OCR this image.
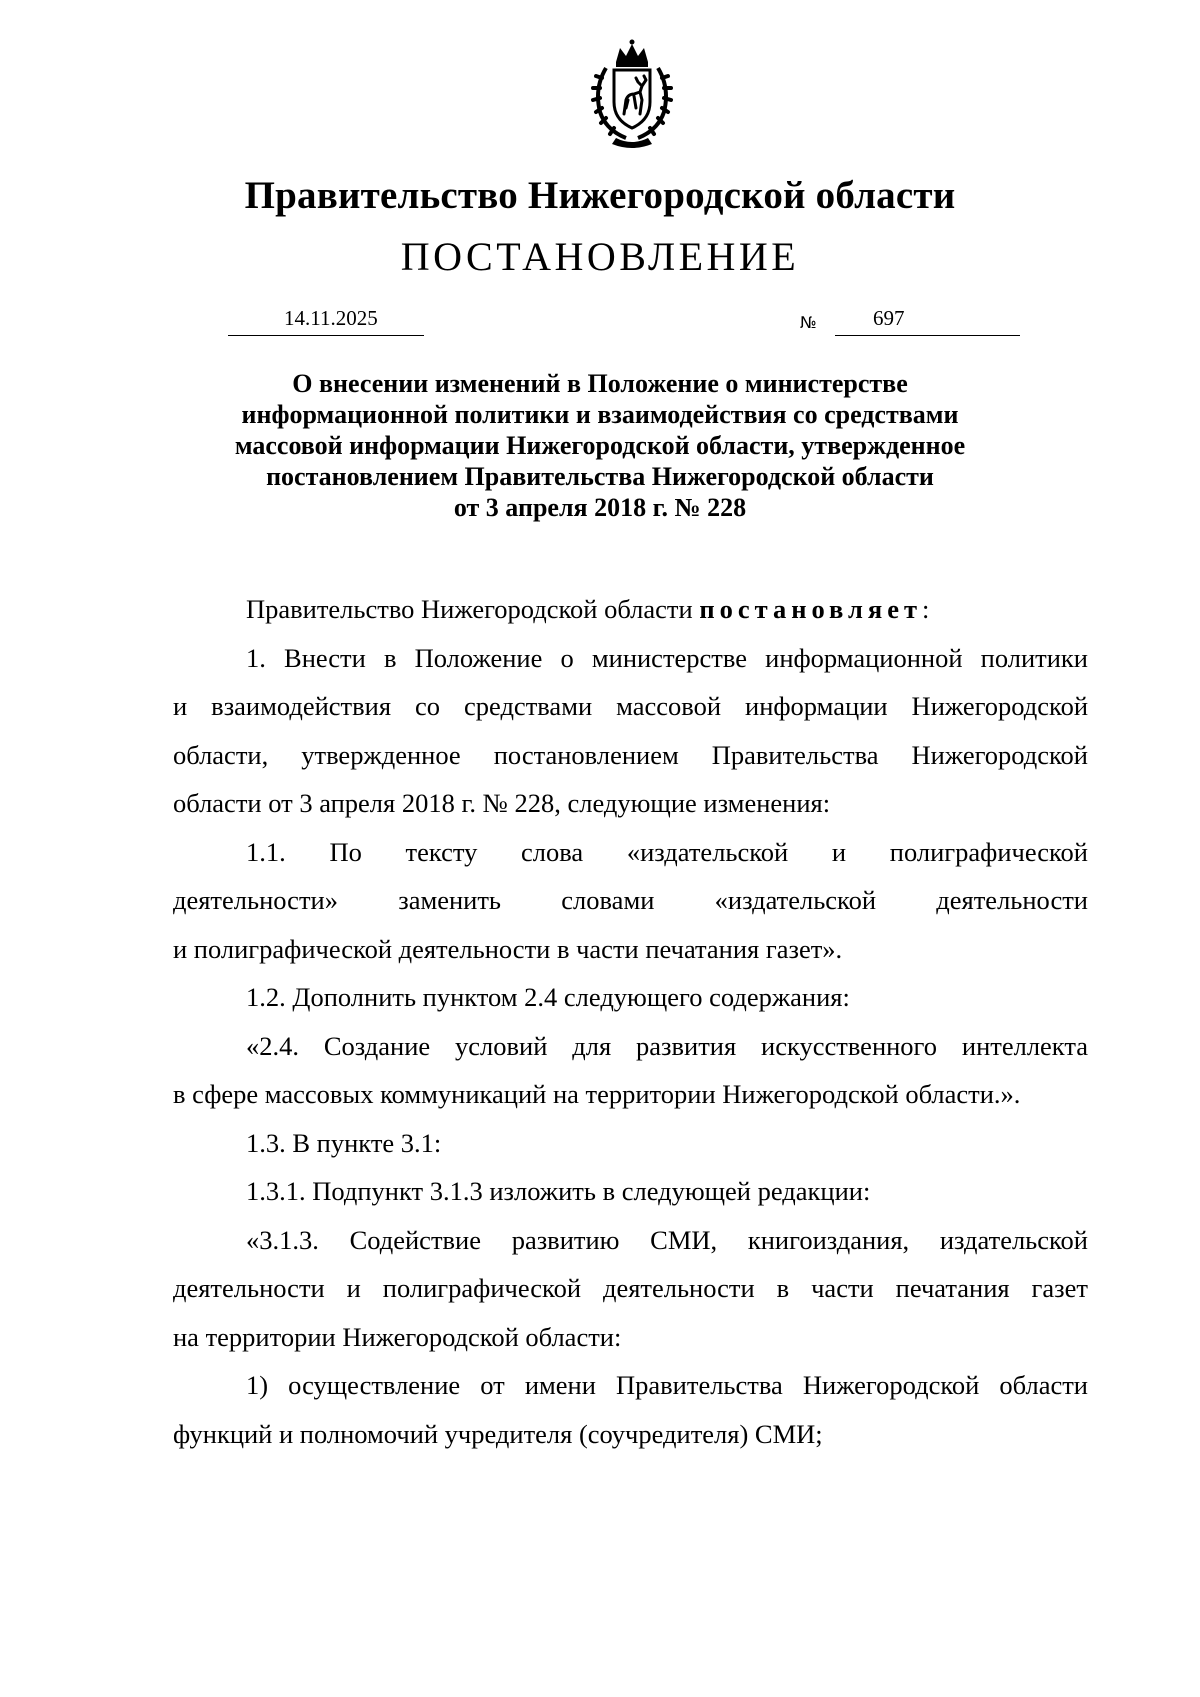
Правительство Нижегородской области
ПОСТАНОВЛЕНИЕ
14.11.2025	№	697
О внесении изменений в Положение о министерстве
информационной политики и взаимодействия со средствами
массовой информации Нижегородской области, утвержденное
постановлением Правительства Нижегородской области
от 3 апреля 2018 г. № 228
Правительство Нижегородской области постановляет:
1. Внести в Положение о министерстве информационной политики
и взаимодействия со средствами массовой информации Нижегородской
области, утвержденное постановлением Правительства Нижегородской
области от 3 апреля 2018 г. № 228, следующие изменения:
1.1. По тексту слова «издательской и полиграфической
деятельности» заменить словами «издательской деятельности
и полиграфической деятельности в части печатания газет».
1.2. Дополнить пунктом 2.4 следующего содержания:
«2.4. Создание условий для развития искусственного интеллекта
в сфере массовых коммуникаций на территории Нижегородской области.».
1.3. В пункте 3.1:
1.3.1. Подпункт 3.1.3 изложить в следующей редакции:
«3.1.3. Содействие развитию СМИ, книгоиздания, издательской
деятельности и полиграфической деятельности в части печатания газет
на территории Нижегородской области:
1) осуществление от имени Правительства Нижегородской области
функций и полномочий учредителя (соучредителя) СМИ;
